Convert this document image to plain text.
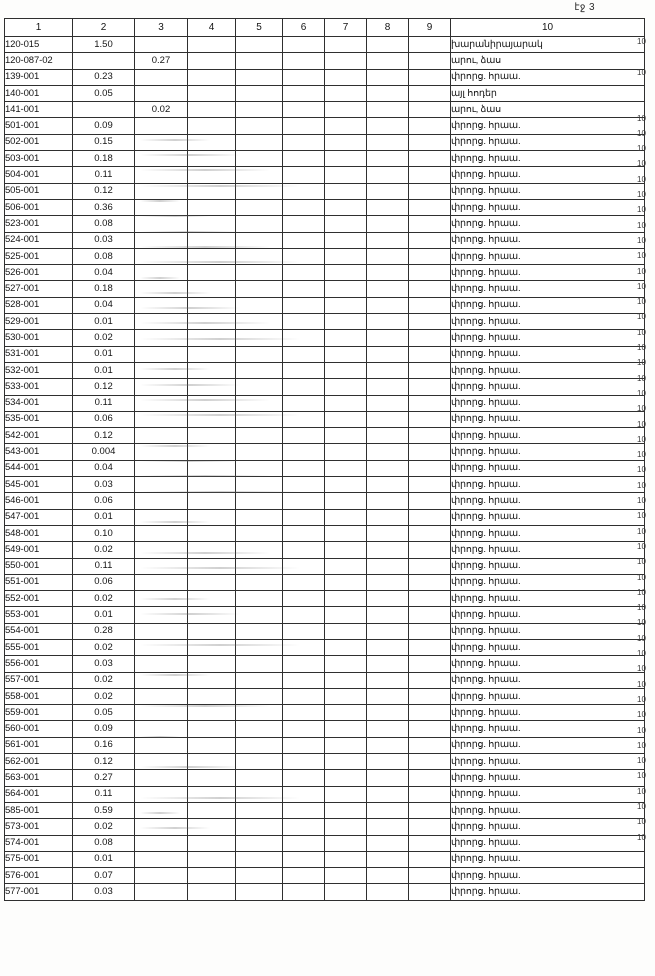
էջ 3
1	2	3	4	5	6	7	8	9	10
120-015	1.50								խարանիրայարակ
120-087-02		0.27							արու, ձաս
139-001	0.23								փրորց. հրաա.
140-001	0.05								այլ հոդեր
141-001		0.02							արու, ձաս
501-001	0.09								փրորց. հրաա.
502-001	0.15								փրորց. հրաա.
503-001	0.18								փրորց. հրաա.
504-001	0.11								փրորց. հրաա.
505-001	0.12								փրորց. հրաա.
506-001	0.36								փրորց. հրաա.
523-001	0.08								փրորց. հրաա.
524-001	0.03								փրորց. հրաա.
525-001	0.08								փրորց. հրաա.
526-001	0.04								փրորց. հրաա.
527-001	0.18								փրորց. հրաա.
528-001	0.04								փրորց. հրաա.
529-001	0.01								փրորց. հրաա.
530-001	0.02								փրորց. հրաա.
531-001	0.01								փրորց. հրաա.
532-001	0.01								փրորց. հրաա.
533-001	0.12								փրորց. հրաա.
534-001	0.11								փրորց. հրաա.
535-001	0.06								փրորց. հրաա.
542-001	0.12								փրորց. հրաա.
543-001	0.004								փրորց. հրաա.
544-001	0.04								փրորց. հրաա.
545-001	0.03								փրորց. հրաա.
546-001	0.06								փրորց. հրաա.
547-001	0.01								փրորց. հրաա.
548-001	0.10								փրորց. հրաա.
549-001	0.02								փրորց. հրաա.
550-001	0.11								փրորց. հրաա.
551-001	0.06								փրորց. հրաա.
552-001	0.02								փրորց. հրաա.
553-001	0.01								փրորց. հրաա.
554-001	0.28								փրորց. հրաա.
555-001	0.02								փրորց. հրաա.
556-001	0.03								փրորց. հրաա.
557-001	0.02								փրորց. հրաա.
558-001	0.02								փրորց. հրաա.
559-001	0.05								փրորց. հրաա.
560-001	0.09								փրորց. հրաա.
561-001	0.16								փրորց. հրաա.
562-001	0.12								փրորց. հրաա.
563-001	0.27								փրորց. հրաա.
564-001	0.11								փրորց. հրաա.
585-001	0.59								փրորց. հրաա.
573-001	0.02								փրորց. հրաա.
574-001	0.08								փրորց. հրաա.
575-001	0.01								փրորց. հրաա.
576-001	0.07								փրորց. հրաա.
577-001	0.03								փրորց. հրաա.
10
10
10
10
10
10
10
10
10
10
10
10
10
10
10
10
10
10
10
10
10
10
10
10
10
10
10
10
10
10
10
10
10
10
10
10
10
10
10
10
10
10
10
10
10
10
10
10
10
10
